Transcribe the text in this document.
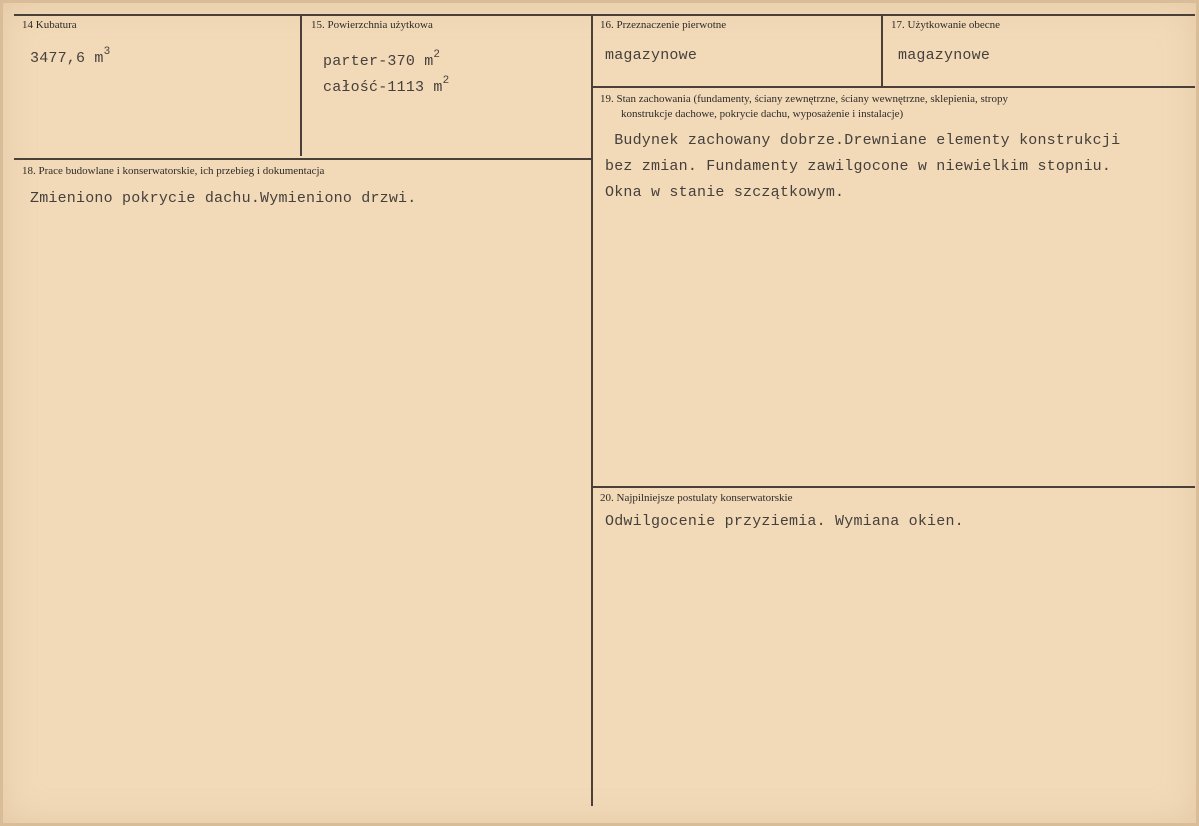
14 Kubatura
3477,6 $m^3$
15. Powierzchnia użytkowa
parter-370 $m^2$
całość-1113 $m^2$
16. Przeznaczenie pierwotne
magazynowe
17. Użytkowanie obecne
magazynowe
19. Stan zachowania (fundamenty, ściany zewnętrzne, ściany wewnętrzne, sklepienia, stropy
konstrukcje dachowe, pokrycie dachu, wyposażenie i instalacje)
Budynek zachowany dobrze.Drewniane elementy konstrukcji
bez zmian. Fundamenty zawilgocone w niewielkim stopniu.
Okna w stanie szczątkowym.
18. Prace budowlane i konserwatorskie, ich przebieg i dokumentacja
Zmieniono pokrycie dachu.Wymieniono drzwi.
20. Najpilniejsze postulaty konserwatorskie
Odwilgocenie przyziemia. Wymiana okien.
